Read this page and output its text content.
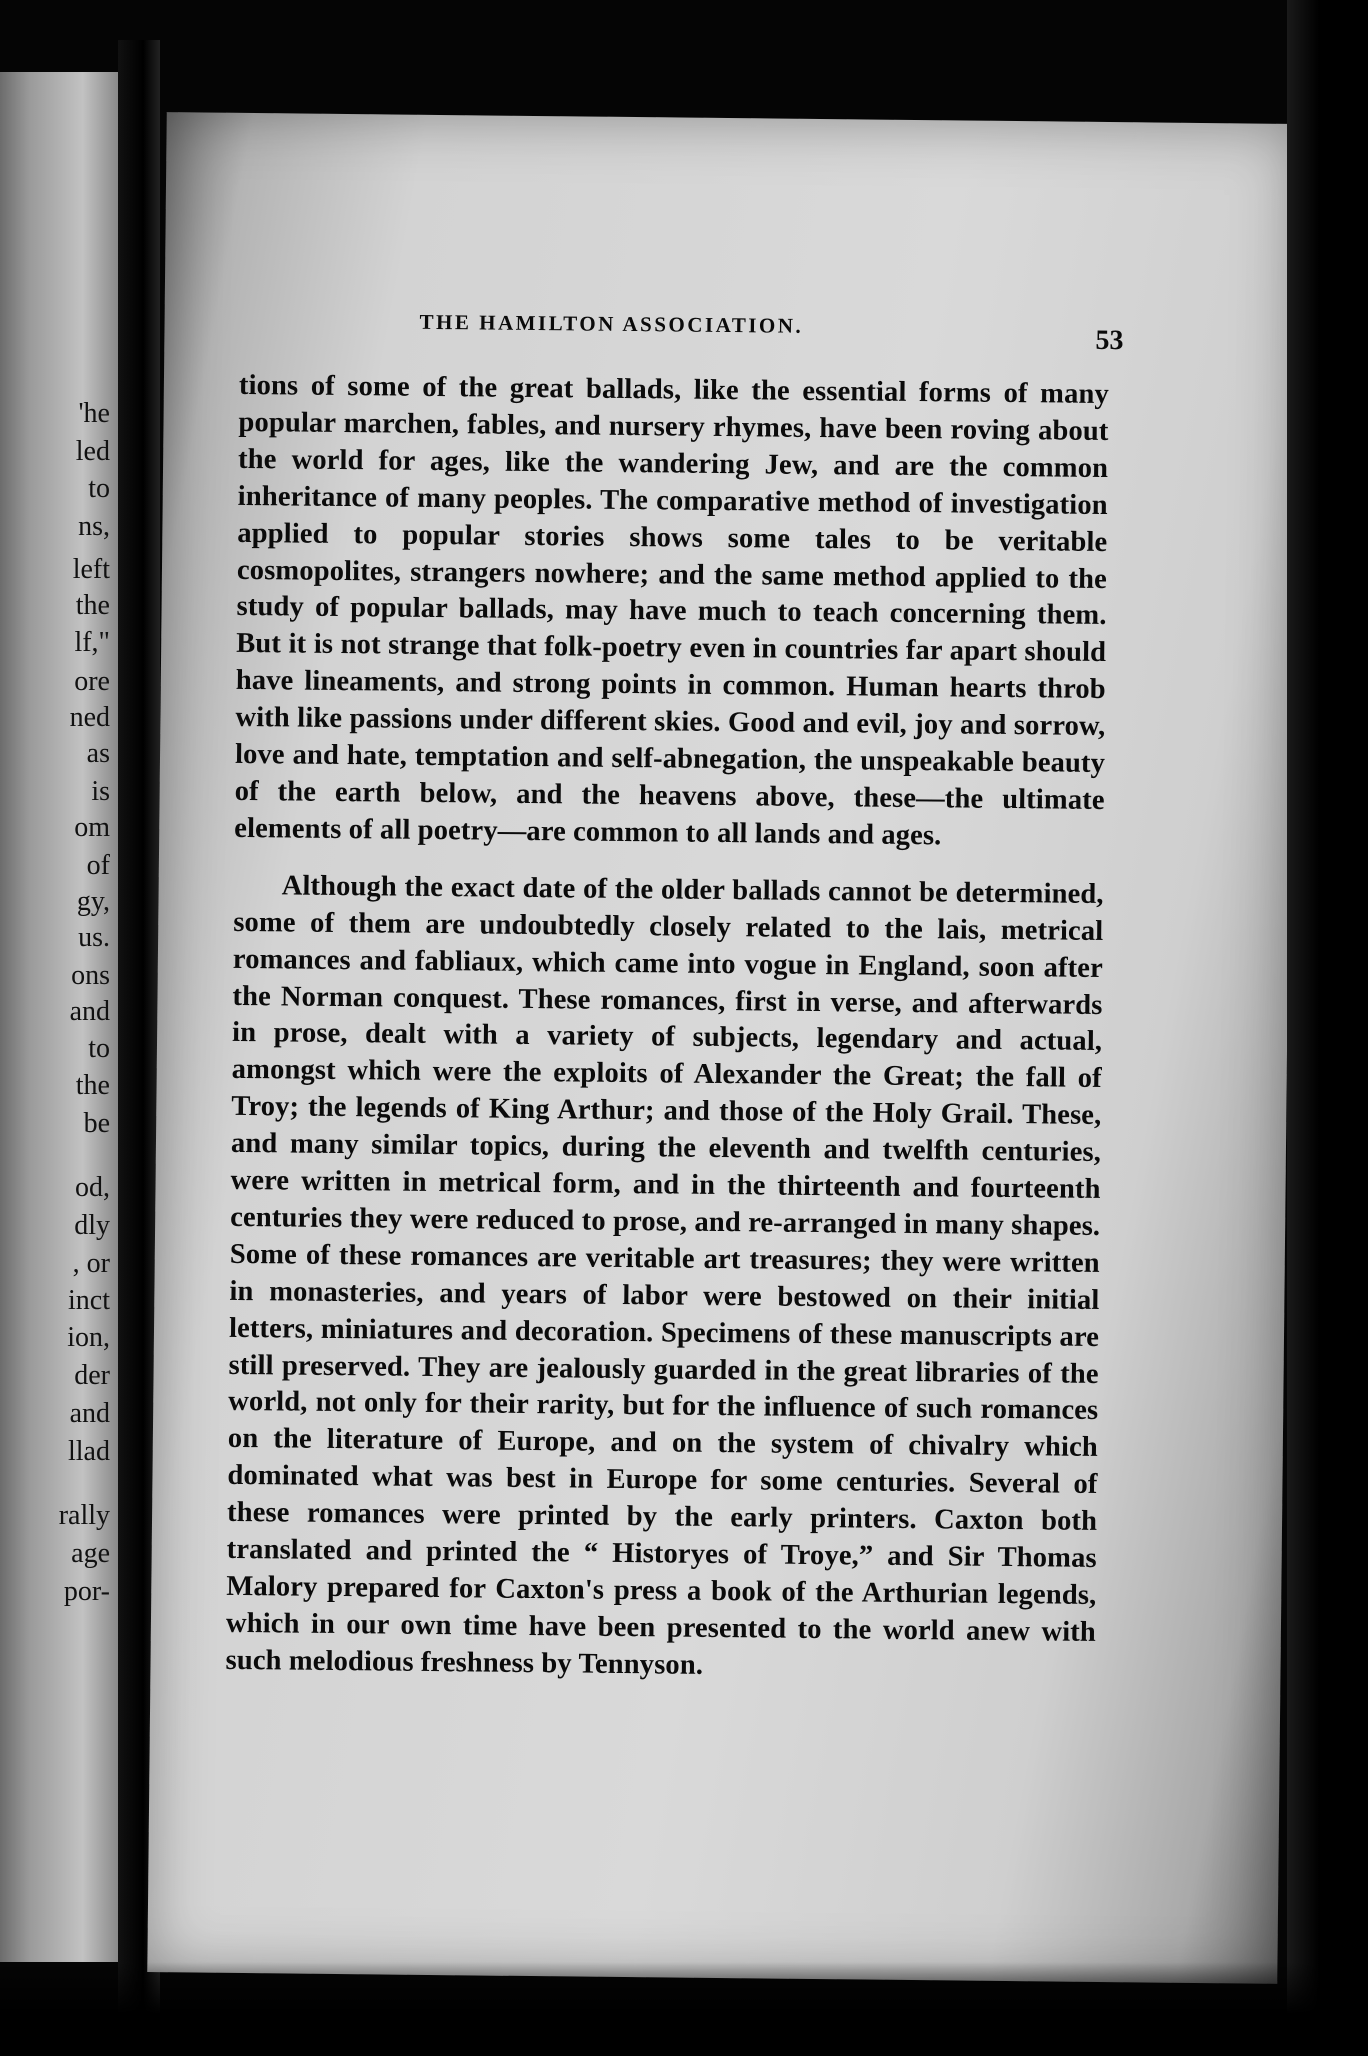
'he

led

to

ns,

left

the

lf,"

ore

ned

as

is

om

of

gy,

us.

ons

and

to

the

be

od,

dly

, or

inct

ion,

der

and

llad

rally

age

por-

THE HAMILTON ASSOCIATION.

53

tions of some of the great ballads, like the essential forms of many popular marchen, fables, and nursery rhymes, have been roving about the world for ages, like the wandering Jew, and are the common inheritance of many peoples. The comparative method of investigation applied to popular stories shows some tales to be veritable cosmopolites, strangers nowhere; and the same method applied to the study of popular ballads, may have much to teach concerning them. But it is not strange that folk-poetry even in countries far apart should have lineaments, and strong points in common. Human hearts throb with like passions under different skies. Good and evil, joy and sorrow, love and hate, temptation and self-abnegation, the unspeakable beauty of the earth below, and the heavens above, these—the ultimate elements of all poetry—are common to all lands and ages.

Although the exact date of the older ballads cannot be determined, some of them are undoubtedly closely related to the lais, metrical romances and fabliaux, which came into vogue in England, soon after the Norman conquest. These romances, first in verse, and afterwards in prose, dealt with a variety of subjects, legendary and actual, amongst which were the exploits of Alexander the Great; the fall of Troy; the legends of King Arthur; and those of the Holy Grail. These, and many similar topics, during the eleventh and twelfth centuries, were written in metrical form, and in the thirteenth and fourteenth centuries they were reduced to prose, and re-arranged in many shapes. Some of these romances are veritable art treasures; they were written in monasteries, and years of labor were bestowed on their initial letters, miniatures and decoration. Specimens of these manuscripts are still preserved. They are jealously guarded in the great libraries of the world, not only for their rarity, but for the influence of such romances on the literature of Europe, and on the system of chivalry which dominated what was best in Europe for some centuries. Several of these romances were printed by the early printers. Caxton both translated and printed the “ Historyes of Troye,” and Sir Thomas Malory prepared for Caxton's press a book of the Arthurian legends, which in our own time have been presented to the world anew with such melodious freshness by Tennyson.
